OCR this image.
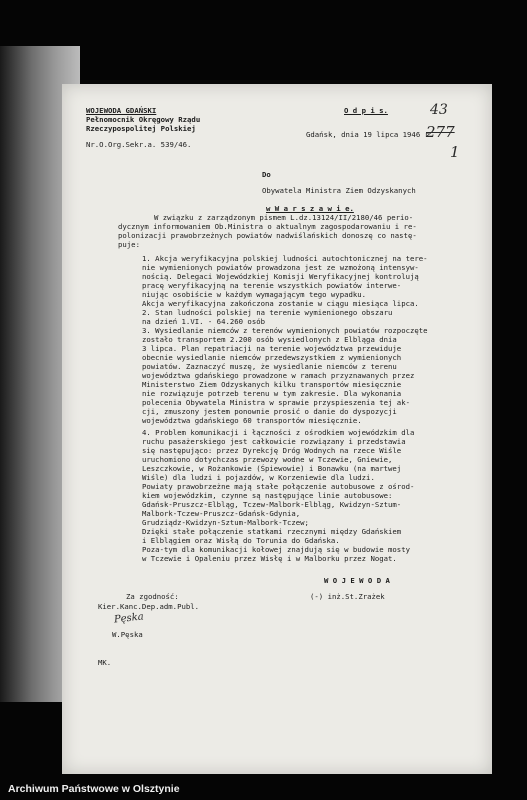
WOJEWODA GDAŃSKI
Pełnomocnik Okręgowy Rządu
Rzeczypospolitej Polskiej
Nr.O.Org.Sekr.a. 539/46.
O d p i s.	43
277
1
Gdańsk, dnia 19 lipca 1946 r.
Do
Obywatela Ministra Ziem Odzyskanych
w W a r s z a w i e.
W związku z zarządzonym pismem L.dz.13124/II/2180/46 perio-
dycznym informowaniem Ob.Ministra o aktualnym zagospodarowaniu i re-
polonizacji prawobrzeżnych powiatów nadwiślańskich donoszę co nastę-
puje:
1. Akcja weryfikacyjna polskiej ludności autochtonicznej na tere-
nie wymienionych powiatów prowadzona jest ze wzmożoną intensyw-
nością. Delegaci Wojewódzkiej Komisji Weryfikacyjnej kontrolują
pracę weryfikacyjną na terenie wszystkich powiatów interwe-
niując osobiście w każdym wymagającym tego wypadku.
Akcja weryfikacyjna zakończona zostanie w ciągu miesiąca lipca.
2. Stan ludności polskiej na terenie wymienionego obszaru
na dzień 1.VI. - 64.260 osób
3. Wysiedlanie niemców z terenów wymienionych powiatów rozpoczęte
zostało transportem 2.200 osób wysiedlonych z Elbląga dnia
3 lipca. Plan repatriacji na terenie województwa przewiduje
obecnie wysiedlanie niemców przedewszystkiem z wymienionych
powiatów. Zaznaczyć muszę, że wysiedlanie niemców z terenu
województwa gdańskiego prowadzone w ramach przyznawanych przez
Ministerstwo Ziem Odzyskanych kilku transportów miesięcznie
nie rozwiązuje potrzeb terenu w tym zakresie. Dla wykonania
polecenia Obywatela Ministra w sprawie przyspieszenia tej ak-
cji, zmuszony jestem ponownie prosić o danie do dyspozycji
województwa gdańskiego 60 transportów miesięcznie.
4. Problem komunikacji i łączności z ośrodkiem wojewódzkim dla
ruchu pasażerskiego jest całkowicie rozwiązany i przedstawia
się następująco: przez Dyrekcję Dróg Wodnych na rzece Wiśle
uruchomiono dotychczas przewozy wodne w Tczewie, Gniewie,
Leszczkowie, w Rożankowie (Śpiewowie) i Bonawku (na martwej
Wiśle) dla ludzi i pojazdów, w Korzeniewie dla ludzi.
Powiaty prawobrzeżne mają stałe połączenie autobusowe z ośrod-
kiem wojewódzkim, czynne są następujące linie autobusowe:
Gdańsk-Pruszcz-Elbląg, Tczew-Malbork-Elbląg, Kwidzyn-Sztum-
Malbork-Tczew-Pruszcz-Gdańsk-Gdynia,
Grudziądz-Kwidzyn-Sztum-Malbork-Tczew;
Dzięki stałe połączenie statkami rzecznymi między Gdańskiem
i Elblągiem oraz Wisłą do Torunia do Gdańska.
Poza-tym dla komunikacji kołowej znajdują się w budowie mosty
w Tczewie i Opaleniu przez Wisłę i w Malborku przez Nogat.
W O J E W O D A
(-) inż.St.Zrażek
Za zgodność:
Kier.Kanc.Dep.adm.Publ.
Pęska
W.Pęska
MK.
Archiwum Państwowe w Olsztynie
